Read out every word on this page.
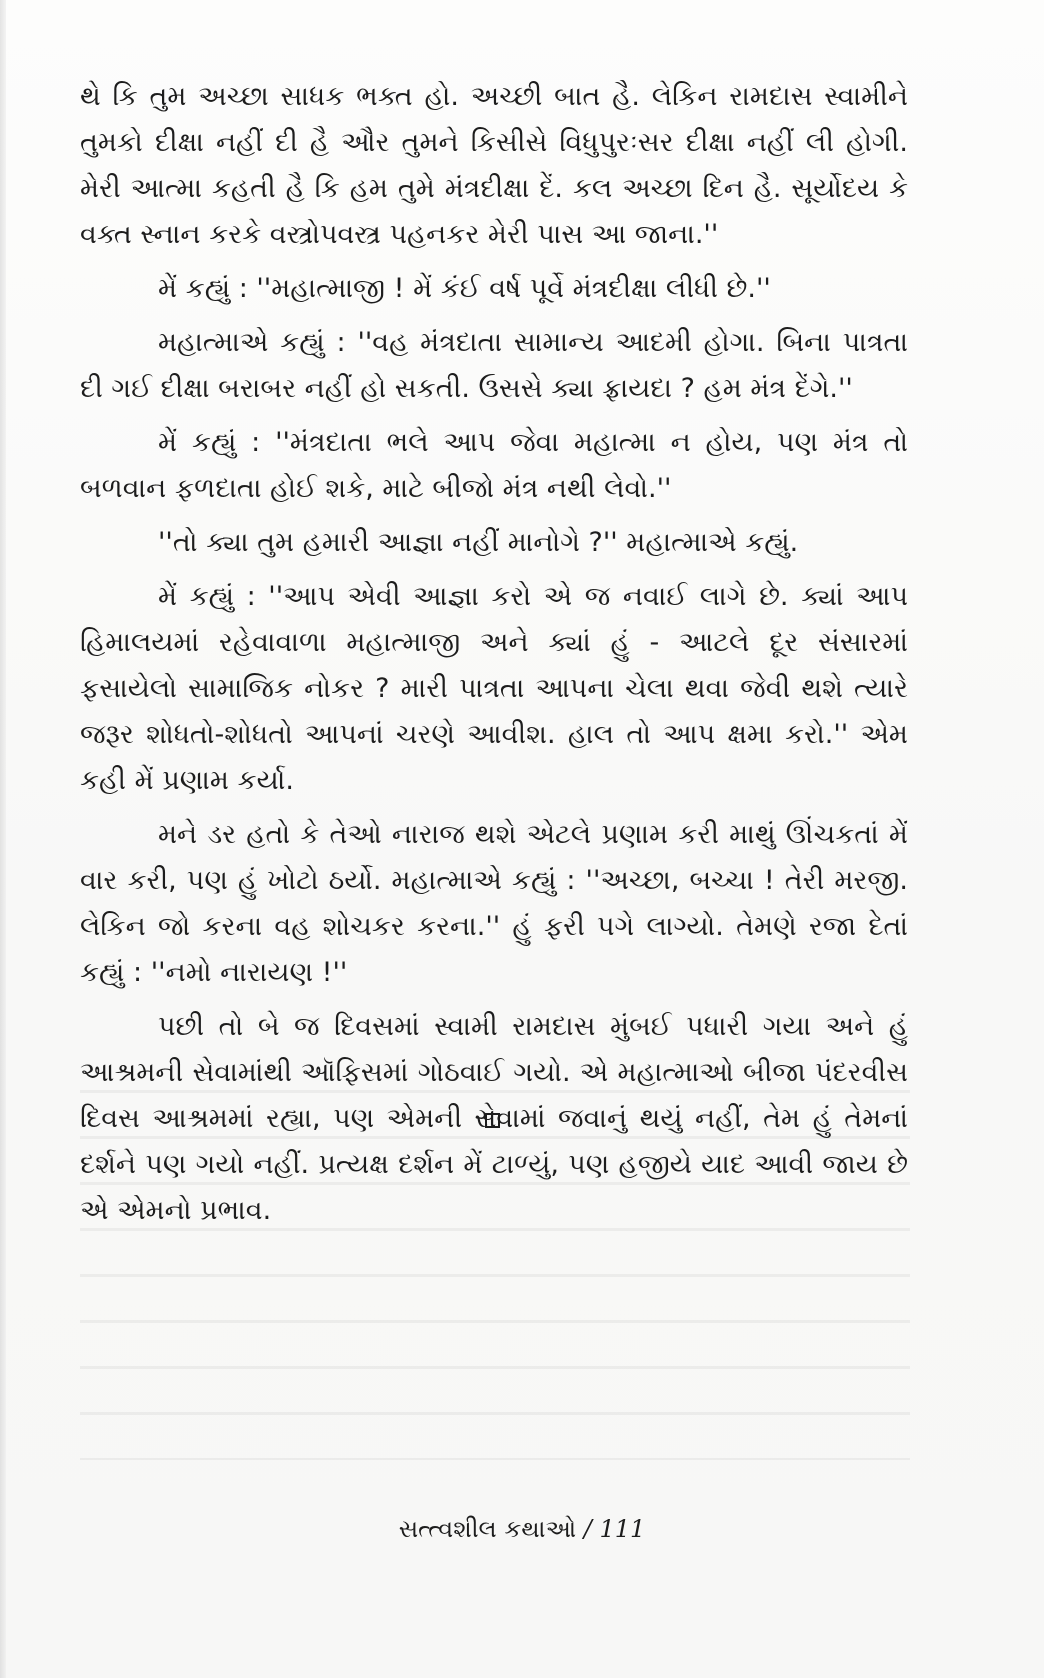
થે કિ તુમ અચ્છા સાધક ભક્ત હો. અચ્છી બાત હૈ. લેકિન રામદાસ સ્વામીને તુમકો દીક્ષા નહીં દી હૈ ઔર તુમને કિસીસે વિધુપુરઃસર દીક્ષા નહીં લી હોગી. મેરી આત્મા કહતી હૈ કિ હમ તુમે મંત્રદીક્ષા દેં. કલ અચ્છા દિન હૈ. સૂર્યોદય કે વક્ત સ્નાન કરકે વસ્ત્રોપવસ્ત્ર પહનકર મેરી પાસ આ જાના.''

મેં કહ્યું : ''મહાત્માજી ! મેં કંઈ વર્ષ પૂર્વે મંત્રદીક્ષા લીધી છે.''

મહાત્માએ કહ્યું : ''વહ મંત્રદાતા સામાન્ય આદમી હોગા. બિના પાત્રતા દી ગઈ દીક્ષા બરાબર નહીં હો સકતી. ઉસસે ક્યા ફ્રાયદા ? હમ મંત્ર દેંગે.''

મેં કહ્યું : ''મંત્રદાતા ભલે આપ જેવા મહાત્મા ન હોય, પણ મંત્ર તો બળવાન ફળદાતા હોઈ શકે, માટે બીજો મંત્ર નથી લેવો.''

''તો ક્યા તુમ હમારી આજ્ઞા નહીં માનોગે ?'' મહાત્માએ કહ્યું.

મેં કહ્યું : ''આપ એવી આજ્ઞા કરો એ જ નવાઈ લાગે છે. ક્યાં આપ હિમાલયમાં રહેવાવાળા મહાત્માજી અને ક્યાં હું - આટલે દૂર સંસારમાં ફસાયેલો સામાજિક નોકર ? મારી પાત્રતા આપના ચેલા થવા જેવી થશે ત્યારે જરૂર શોધતો-શોધતો આપનાં ચરણે આવીશ. હાલ તો આપ ક્ષમા કરો.'' એમ કહી મેં પ્રણામ કર્યા.

મને ડર હતો કે તેઓ નારાજ થશે એટલે પ્રણામ કરી માથું ઊંચકતાં મેં વાર કરી, પણ હું ખોટો ઠર્યો. મહાત્માએ કહ્યું : ''અચ્છા, બચ્ચા ! તેરી મરજી. લેકિન જો કરના વહ શોચકર કરના.'' હું ફરી પગે લાગ્યો. તેમણે રજા દેતાં કહ્યું : ''નમો નારાયણ !''

પછી તો બે જ દિવસમાં સ્વામી રામદાસ મુંબઈ પધારી ગયા અને હું આશ્રમની સેવામાંથી ઑફિસમાં ગોઠવાઈ ગયો. એ મહાત્માઓ બીજા પંદરવીસ દિવસ આશ્રમમાં રહ્યા, પણ એમની સેવામાં જવાનું થયું નહીં, તેમ હું તેમનાં દર્શને પણ ગયો નહીં. પ્રત્યક્ષ દર્શન મેં ટાળ્યું, પણ હજીયે યાદ આવી જાય છે એ એમનો પ્રભાવ.

સત્ત્વશીલ કથાઓ / 111
